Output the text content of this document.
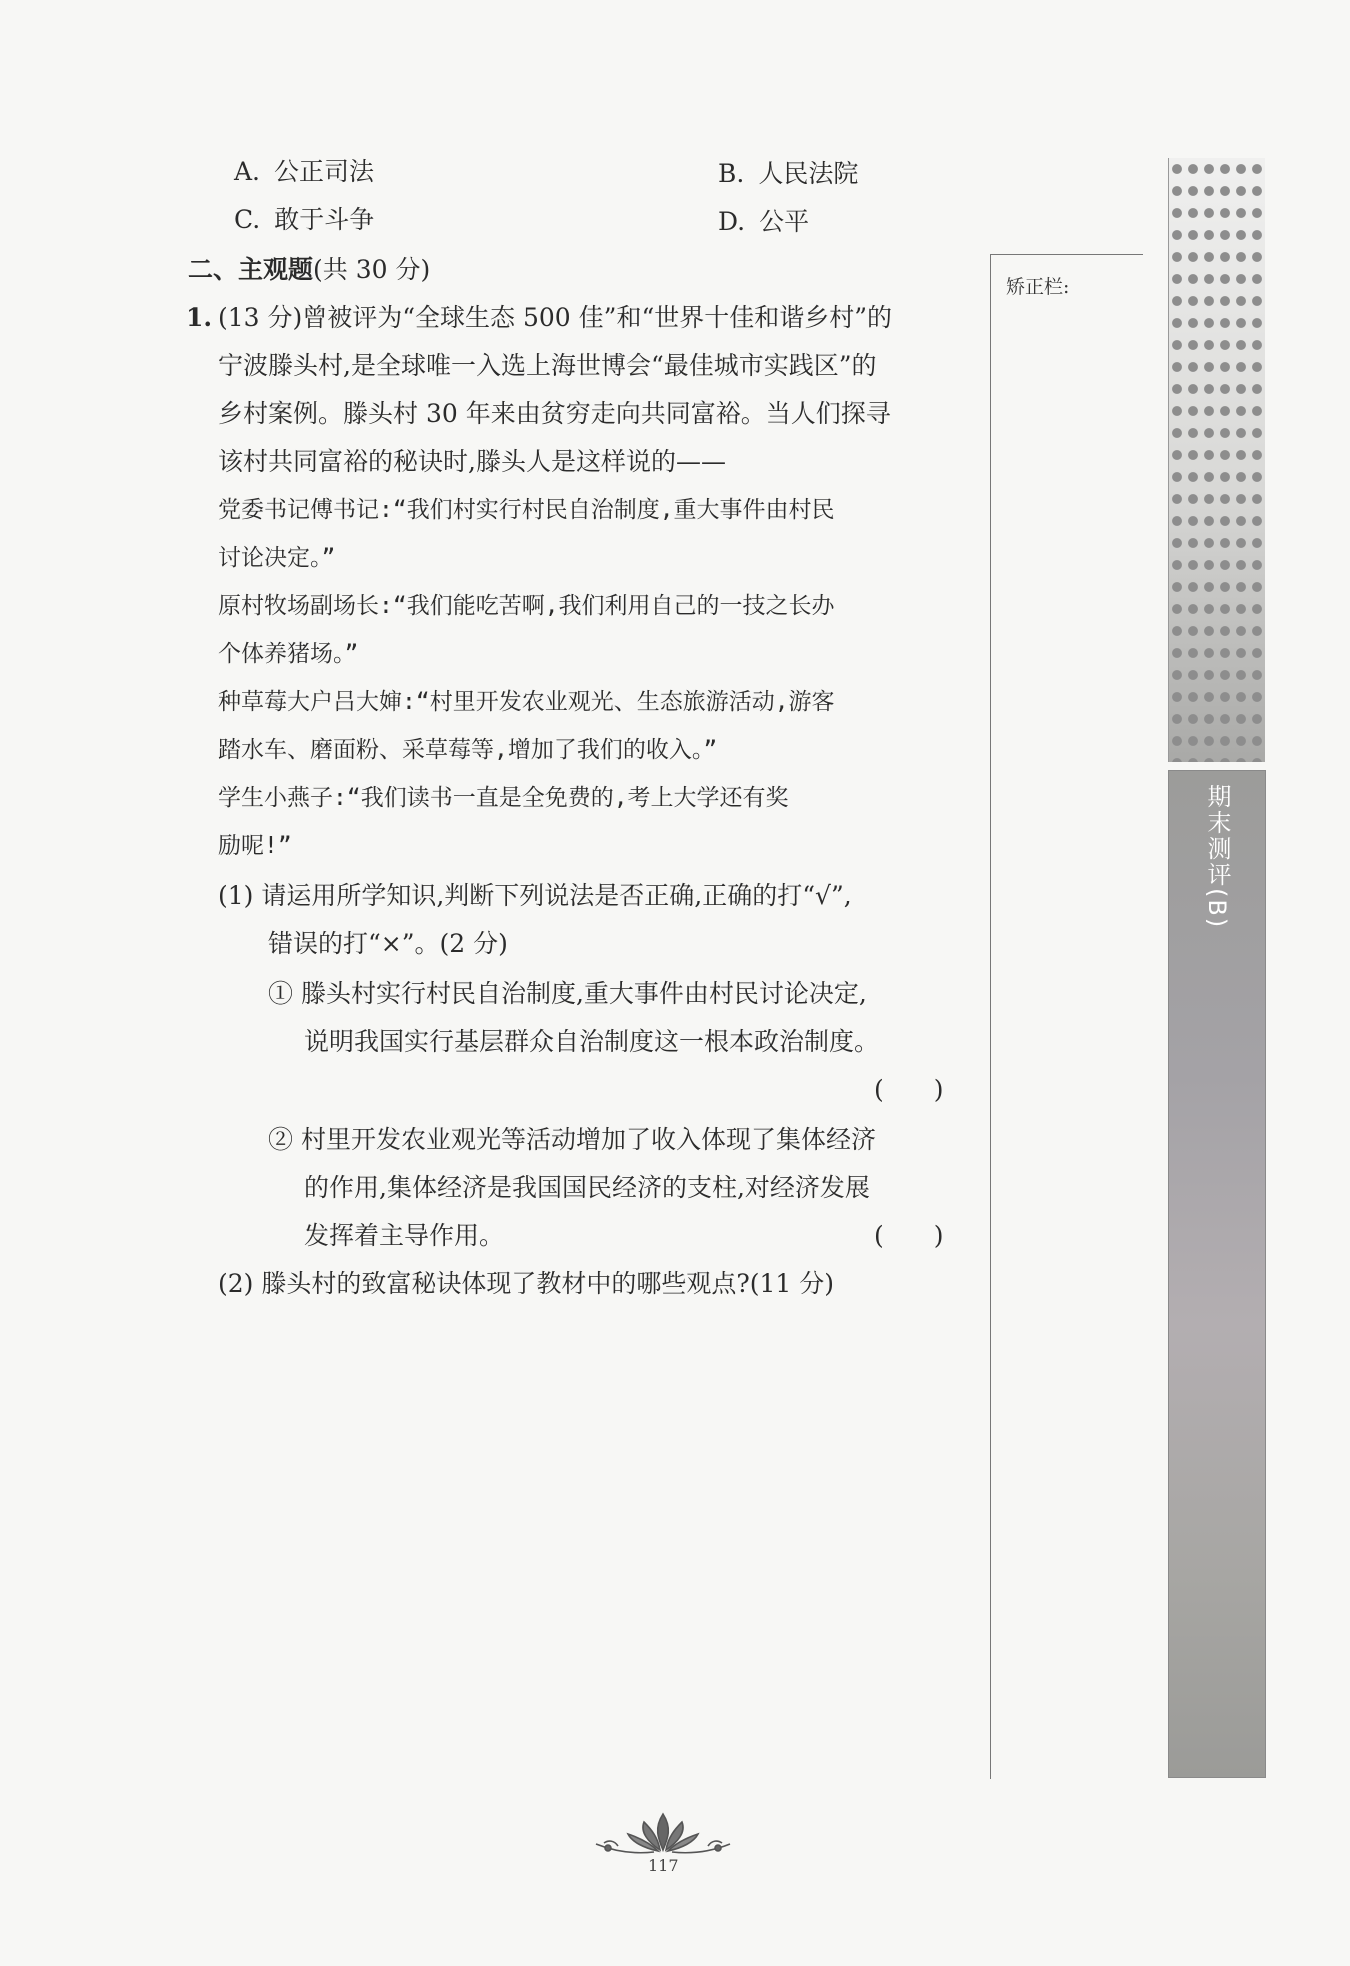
A. 公正司法	B. 人民法院
C. 敢于斗争	D. 公平
二、主观题(共 30 分)
1. (13 分)曾被评为“全球生态 500 佳”和“世界十佳和谐乡村”的
宁波滕头村,是全球唯一入选上海世博会“最佳城市实践区”的
乡村案例。滕头村 30 年来由贫穷走向共同富裕。当人们探寻
该村共同富裕的秘诀时,滕头人是这样说的——
党委书记傅书记:“我们村实行村民自治制度,重大事件由村民
讨论决定。”
原村牧场副场长:“我们能吃苦啊,我们利用自己的一技之长办
个体养猪场。”
种草莓大户吕大婶:“村里开发农业观光、生态旅游活动,游客
踏水车、磨面粉、采草莓等,增加了我们的收入。”
学生小燕子:“我们读书一直是全免费的,考上大学还有奖
励呢!”
(1) 请运用所学知识,判断下列说法是否正确,正确的打“√”,
错误的打“×”。(2 分)
① 滕头村实行村民自治制度,重大事件由村民讨论决定,
说明我国实行基层群众自治制度这一根本政治制度。
(　　)
② 村里开发农业观光等活动增加了收入体现了集体经济
的作用,集体经济是我国国民经济的支柱,对经济发展
发挥着主导作用。	(　　)
(2) 滕头村的致富秘诀体现了教材中的哪些观点?(11 分)
矫正栏:
期末测评(B)
117
